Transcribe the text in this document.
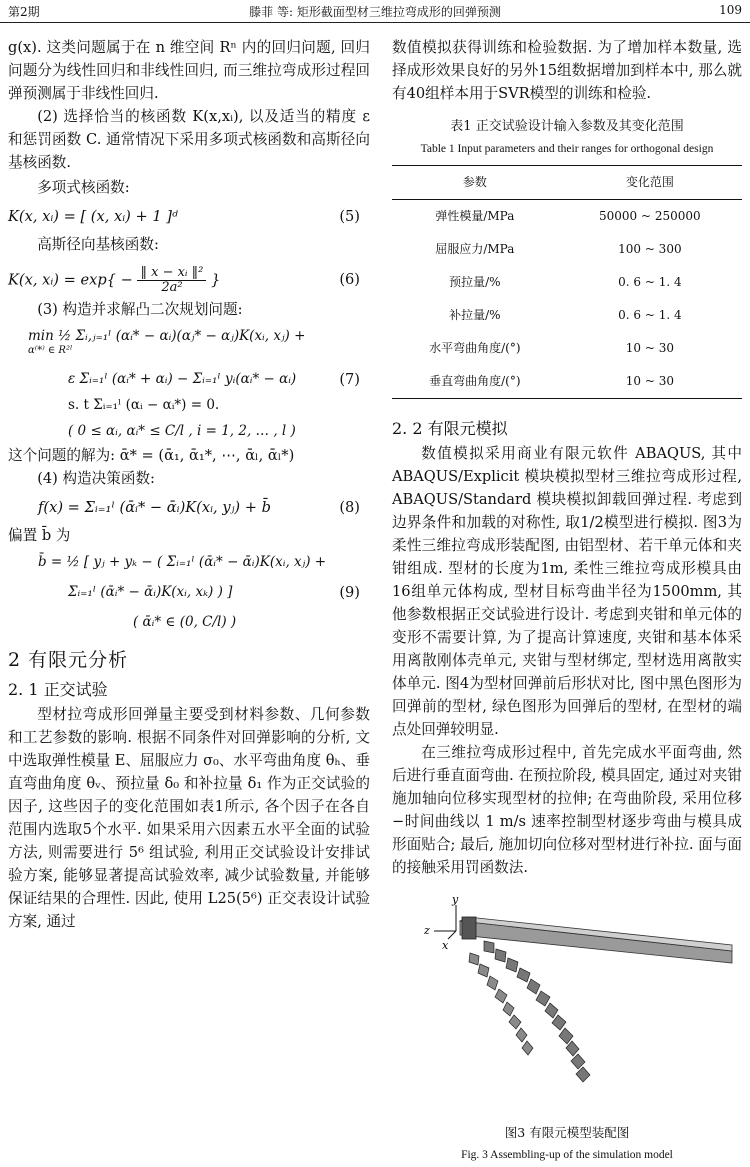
第2期	滕菲 等: 矩形截面型材三维拉弯成形的回弹预测	109

g(x). 这类问题属于在 n 维空间 Rⁿ 内的回归问题, 回归问题分为线性回归和非线性回归, 而三维拉弯成形过程回弹预测属于非线性回归.

(2) 选择恰当的核函数 K(x,xᵢ), 以及适当的精度 ε 和惩罚函数 C. 通常情况下采用多项式核函数和高斯径向基核函数.

多项式核函数:

K(x, xᵢ) = [ (x, xᵢ) + 1 ]ᵈ	(5)

高斯径向基核函数:

K(x, xᵢ) = $\exp\{ - \frac{\text{‖ x − xᵢ ‖²}}{\text{2a²}}$ }	(6)

(3) 构造并求解凸二次规划问题:

min ½ Σᵢ,ⱼ₌₁ˡ (αᵢ* − αᵢ)(αⱼ* − αⱼ)K(xᵢ, xⱼ) +
α⁽*⁾ ∈ R²ˡ
ε Σᵢ₌₁ˡ (αᵢ* + αᵢ) − Σᵢ₌₁ˡ yᵢ(αᵢ* − αᵢ)	(7)
s. t Σᵢ₌₁ˡ (αᵢ − αᵢ*) = 0.
( 0 ≤ αᵢ, αᵢ* ≤ C/l , i = 1, 2, … , l )

这个问题的解为: ᾱ* = (ᾱ₁, ᾱ₁*, ⋯, ᾱₗ, ᾱₗ*)

(4) 构造决策函数:

f(x) = Σᵢ₌₁ˡ (ᾱᵢ* − ᾱᵢ)K(xᵢ, yⱼ) + b̄	(8)

偏置 b̄ 为

b̄ = ½ [ yⱼ + yₖ − ( Σᵢ₌₁ˡ (ᾱᵢ* − ᾱᵢ)K(xᵢ, xⱼ) +
Σᵢ₌₁ˡ (ᾱᵢ* − ᾱᵢ)K(xᵢ, xₖ) ) ]	(9)
( ᾱᵢ* ∈ (0, C/l) )
2 有限元分析
2. 1 正交试验

型材拉弯成形回弹量主要受到材料参数、几何参数和工艺参数的影响. 根据不同条件对回弹影响的分析, 文中选取弹性模量 E、屈服应力 σ₀、水平弯曲角度 θₕ、垂直弯曲角度 θᵥ、预拉量 δ₀ 和补拉量 δ₁ 作为正交试验的因子, 这些因子的变化范围如表1所示, 各个因子在各自范围内选取5个水平. 如果采用六因素五水平全面的试验方法, 则需要进行 5⁶ 组试验, 利用正交试验设计安排试验方案, 能够显著提高试验效率, 减少试验数量, 并能够保证结果的合理性. 因此, 使用 L25(5⁶) 正交表设计试验方案, 通过

数值模拟获得训练和检验数据. 为了增加样本数量, 选择成形效果良好的另外15组数据增加到样本中, 那么就有40组样本用于SVR模型的训练和检验.

表1 正交试验设计输入参数及其变化范围
Table 1 Input parameters and their ranges for orthogonal design
参数	变化范围
弹性模量/MPa	50000 ~ 250000
屈服应力/MPa	100 ~ 300
预拉量/%	0. 6 ~ 1. 4
补拉量/%	0. 6 ~ 1. 4
水平弯曲角度/(°)	10 ~ 30
垂直弯曲角度/(°)	10 ~ 30
2. 2 有限元模拟

数值模拟采用商业有限元软件 ABAQUS, 其中 ABAQUS/Explicit 模块模拟型材三维拉弯成形过程, ABAQUS/Standard 模块模拟卸载回弹过程. 考虑到边界条件和加载的对称性, 取1/2模型进行模拟. 图3为柔性三维拉弯成形装配图, 由铝型材、若干单元体和夹钳组成. 型材的长度为1m, 柔性三维拉弯成形模具由16组单元体构成, 型材目标弯曲半径为1500mm, 其他参数根据正交试验进行设计. 考虑到夹钳和单元体的变形不需要计算, 为了提高计算速度, 夹钳和基本体采用离散刚体壳单元, 夹钳与型材绑定, 型材选用离散实体单元. 图4为型材回弹前后形状对比, 图中黑色图形为回弹前的型材, 绿色图形为回弹后的型材, 在型材的端点处回弹较明显.

在三维拉弯成形过程中, 首先完成水平面弯曲, 然后进行垂直面弯曲. 在预拉阶段, 模具固定, 通过对夹钳施加轴向位移实现型材的拉伸; 在弯曲阶段, 采用位移−时间曲线以 1 m/s 速率控制型材逐步弯曲与模具成形面贴合; 最后, 施加切向位移对型材进行补拉. 面与面的接触采用罚函数法.

y
z
x
图3 有限元模型装配图
Fig. 3 Assembling-up of the simulation model
